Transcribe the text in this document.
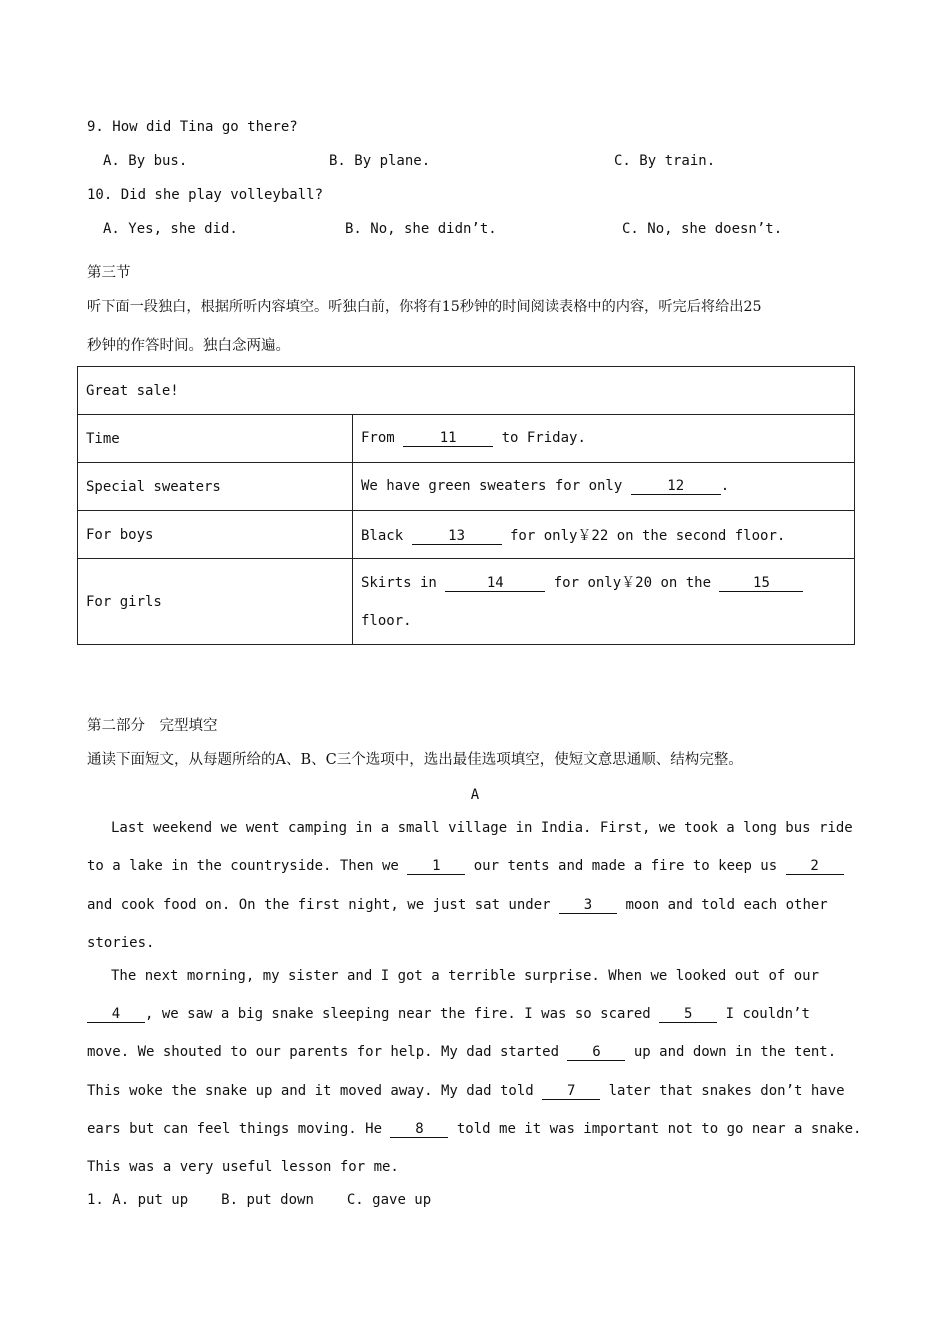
9. How did Tina go there?
A. By bus.	B. By plane.	C. By train.
10. Did she play volleyball?
A. Yes, she did.	B. No, she didn’t.	C. No, she doesn’t.
第三节
听下面一段独白，根据所听内容填空。听独白前，你将有15秒钟的时间阅读表格中的内容，听完后将给出25
秒钟的作答时间。独白念两遍。
Great sale!	
Time	From 11 to Friday.
Special sweaters	We have green sweaters for only 12 .
For boys	Black 13 for only￥22 on the second floor.
For girls	Skirts in 14 for only￥20 on the 15
floor.
第二部分　完型填空
通读下面短文，从每题所给的A、B、C三个选项中，选出最佳选项填空，使短文意思通顺、结构完整。
A
Last weekend we went camping in a small village in India. First, we took a long bus ride
to a lake in the countryside. Then we 1 our tents and made a fire to keep us 2
and cook food on. On the first night, we just sat under 3 moon and told each other
stories.
The next morning, my sister and I got a terrible surprise. When we looked out of our
4 , we saw a big snake sleeping near the fire. I was so scared 5 I couldn’t
move. We shouted to our parents for help. My dad started 6 up and down in the tent.
This woke the snake up and it moved away. My dad told 7 later that snakes don’t have
ears but can feel things moving. He 8 told me it was important not to go near a snake.
This was a very useful lesson for me.
1. A. put up B. put down C. gave up
